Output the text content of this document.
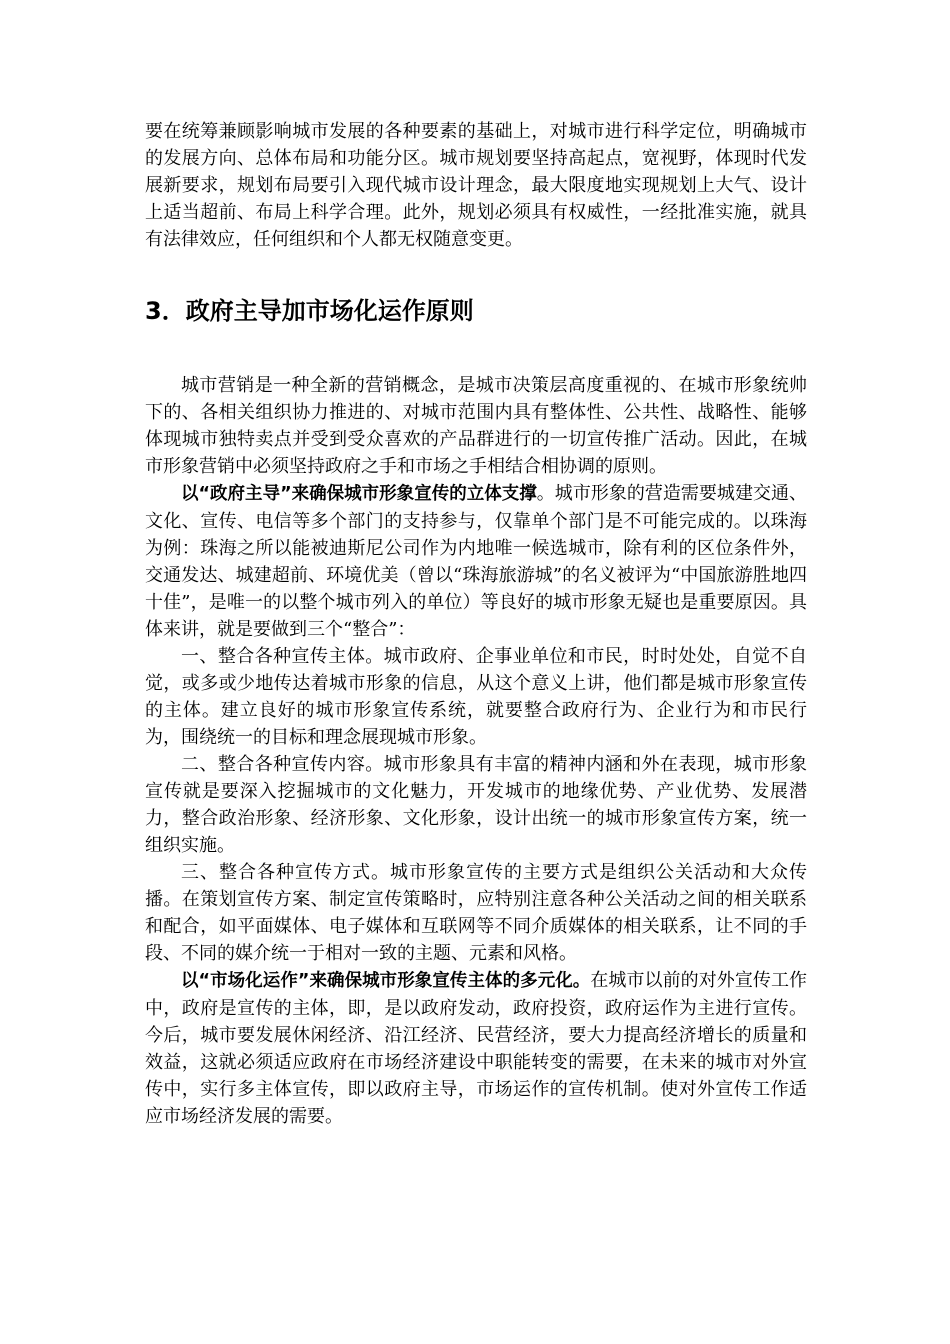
要在统筹兼顾影响城市发展的各种要素的基础上，对城市进行科学定位，明确城市的发展方向、总体布局和功能分区。城市规划要坚持高起点，宽视野，体现时代发展新要求，规划布局要引入现代城市设计理念，最大限度地实现规划上大气、设计上适当超前、布局上科学合理。此外，规划必须具有权威性，一经批准实施，就具有法律效应，任何组织和个人都无权随意变更。

3．政府主导加市场化运作原则

城市营销是一种全新的营销概念，是城市决策层高度重视的、在城市形象统帅下的、各相关组织协力推进的、对城市范围内具有整体性、公共性、战略性、能够体现城市独特卖点并受到受众喜欢的产品群进行的一切宣传推广活动。因此，在城市形象营销中必须坚持政府之手和市场之手相结合相协调的原则。

以“政府主导”来确保城市形象宣传的立体支撑。城市形象的营造需要城建交通、文化、宣传、电信等多个部门的支持参与，仅靠单个部门是不可能完成的。以珠海为例：珠海之所以能被迪斯尼公司作为内地唯一候选城市，除有利的区位条件外，交通发达、城建超前、环境优美（曾以“珠海旅游城”的名义被评为“中国旅游胜地四十佳”，是唯一的以整个城市列入的单位）等良好的城市形象无疑也是重要原因。具体来讲，就是要做到三个“整合”：

一、整合各种宣传主体。城市政府、企事业单位和市民，时时处处，自觉不自觉，或多或少地传达着城市形象的信息，从这个意义上讲，他们都是城市形象宣传的主体。建立良好的城市形象宣传系统，就要整合政府行为、企业行为和市民行为，围绕统一的目标和理念展现城市形象。

二、整合各种宣传内容。城市形象具有丰富的精神内涵和外在表现，城市形象宣传就是要深入挖掘城市的文化魅力，开发城市的地缘优势、产业优势、发展潜力，整合政治形象、经济形象、文化形象，设计出统一的城市形象宣传方案，统一组织实施。

三、整合各种宣传方式。城市形象宣传的主要方式是组织公关活动和大众传播。在策划宣传方案、制定宣传策略时，应特别注意各种公关活动之间的相关联系和配合，如平面媒体、电子媒体和互联网等不同介质媒体的相关联系，让不同的手段、不同的媒介统一于相对一致的主题、元素和风格。

以“市场化运作”来确保城市形象宣传主体的多元化。在城市以前的对外宣传工作中，政府是宣传的主体，即，是以政府发动，政府投资，政府运作为主进行宣传。今后，城市要发展休闲经济、沿江经济、民营经济，要大力提高经济增长的质量和效益，这就必须适应政府在市场经济建设中职能转变的需要，在未来的城市对外宣传中，实行多主体宣传，即以政府主导，市场运作的宣传机制。使对外宣传工作适应市场经济发展的需要。
